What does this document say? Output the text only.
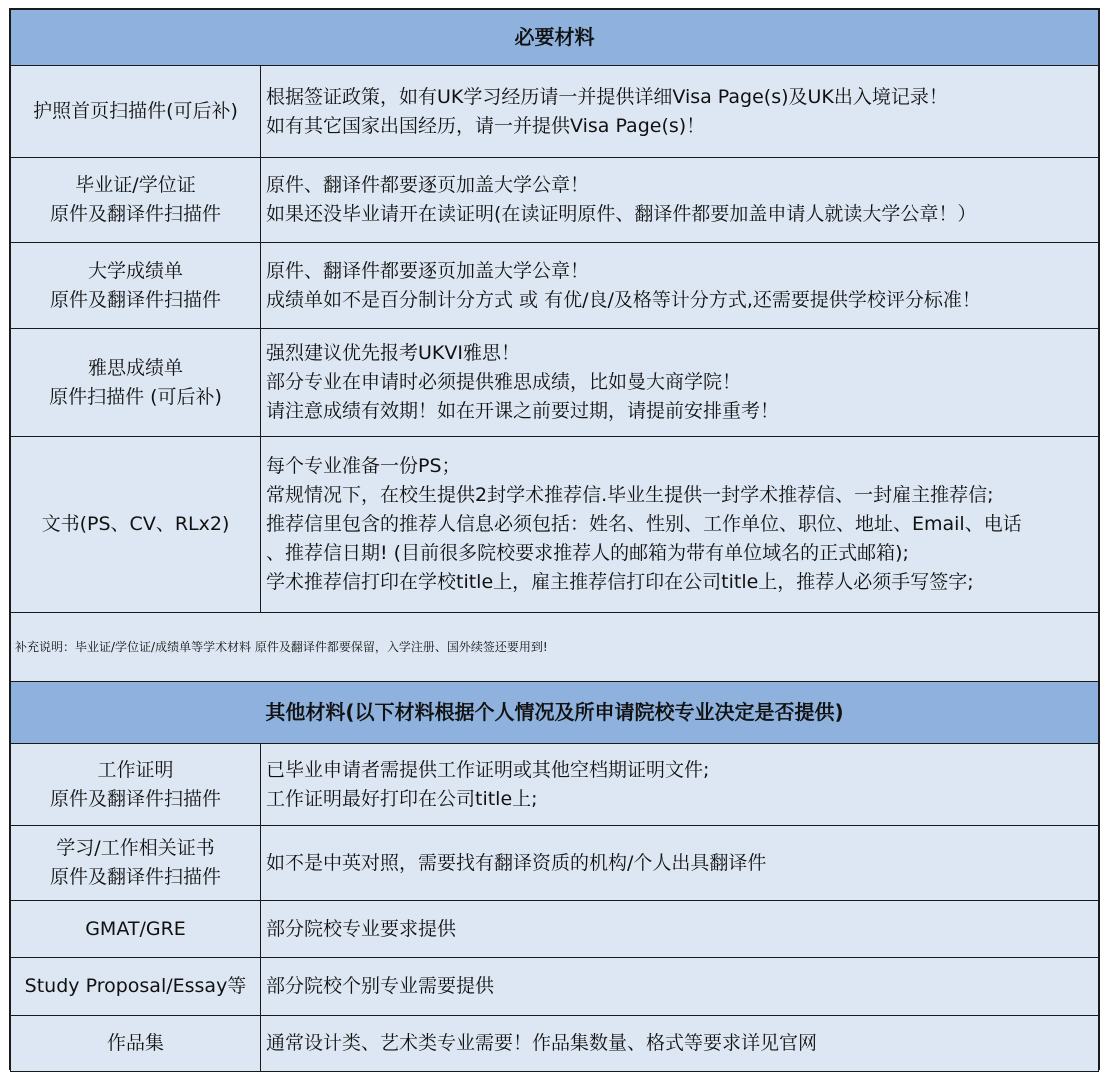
必要材料	

护照首页扫描件(可后补)	根据签证政策，如有UK学习经历请一并提供详细Visa Page(s)及UK出入境记录！
如有其它国家出国经历，请一并提供Visa Page(s)！

毕业证/学位证
原件及翻译件扫描件	原件、翻译件都要逐页加盖大学公章！
如果还没毕业请开在读证明(在读证明原件、翻译件都要加盖申请人就读大学公章！）

大学成绩单
原件及翻译件扫描件	原件、翻译件都要逐页加盖大学公章！
成绩单如不是百分制计分方式 或 有优/良/及格等计分方式,还需要提供学校评分标准！

雅思成绩单
原件扫描件 (可后补)	强烈建议优先报考UKVI雅思！
部分专业在申请时必须提供雅思成绩，比如曼大商学院！
请注意成绩有效期！如在开课之前要过期，请提前安排重考！

文书(PS、CV、RLx2)	每个专业准备一份PS；
常规情况下，在校生提供2封学术推荐信.毕业生提供一封学术推荐信、一封雇主推荐信;
推荐信里包含的推荐人信息必须包括：姓名、性别、工作单位、职位、地址、Email、电话
、推荐信日期! (目前很多院校要求推荐人的邮箱为带有单位域名的正式邮箱);
学术推荐信打印在学校title上，雇主推荐信打印在公司title上，推荐人必须手写签字;

补充说明：毕业证/学位证/成绩单等学术材料 原件及翻译件都要保留，入学注册、国外续签还要用到!	
其他材料(以下材料根据个人情况及所申请院校专业决定是否提供)	

工作证明
原件及翻译件扫描件	已毕业申请者需提供工作证明或其他空档期证明文件;
工作证明最好打印在公司title上;

学习/工作相关证书
原件及翻译件扫描件	如不是中英对照，需要找有翻译资质的机构/个人出具翻译件

GMAT/GRE	部分院校专业要求提供

Study Proposal/Essay等	部分院校个别专业需要提供

作品集	通常设计类、艺术类专业需要！作品集数量、格式等要求详见官网
